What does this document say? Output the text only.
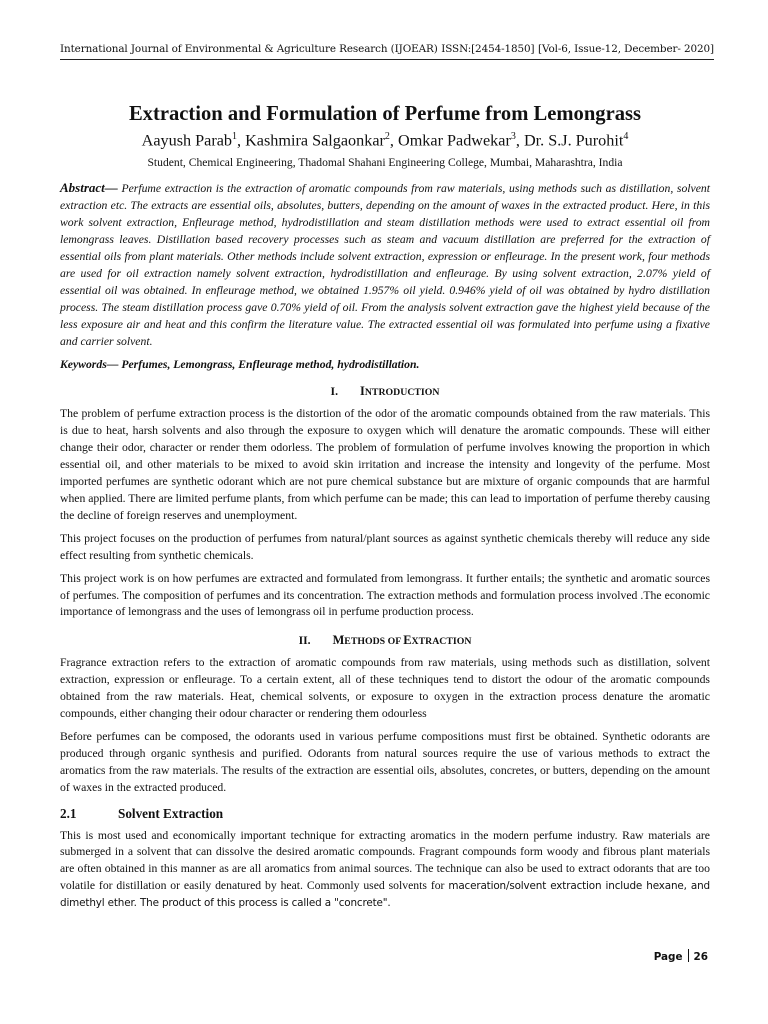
International Journal of Environmental & Agriculture Research (IJOEAR) ISSN:[2454-1850] [Vol-6, Issue-12, December- 2020]
Extraction and Formulation of Perfume from Lemongrass
Aayush Parab$^1$, Kashmira Salgaonkar$^2$, Omkar Padwekar$^3$, Dr. S.J. Purohit$^4$
Student, Chemical Engineering, Thadomal Shahani Engineering College, Mumbai, Maharashtra, India
Abstract— Perfume extraction is the extraction of aromatic compounds from raw materials, using methods such as distillation, solvent extraction etc. The extracts are essential oils, absolutes, butters, depending on the amount of waxes in the extracted product. Here, in this work solvent extraction, Enfleurage method, hydrodistillation and steam distillation methods were used to extract essential oil from lemongrass leaves. Distillation based recovery processes such as steam and vacuum distillation are preferred for the extraction of essential oils from plant materials. Other methods include solvent extraction, expression or enfleurage. In the present work, four methods are used for oil extraction namely solvent extraction, hydrodistillation and enfleurage. By using solvent extraction, 2.07% yield of essential oil was obtained. In enfleurage method, we obtained 1.957% oil yield. 0.946% yield of oil was obtained by hydro distillation process. The steam distillation process gave 0.70% yield of oil. From the analysis solvent extraction gave the highest yield because of the less exposure air and heat and this confirm the literature value. The extracted essential oil was formulated into perfume using a fixative and carrier solvent.
Keywords— Perfumes, Lemongrass, Enfleurage method, hydrodistillation.
I. INTRODUCTION

The problem of perfume extraction process is the distortion of the odor of the aromatic compounds obtained from the raw materials. This is due to heat, harsh solvents and also through the exposure to oxygen which will denature the aromatic compounds. These will either change their odor, character or render them odorless. The problem of formulation of perfume involves knowing the proportion in which essential oil, and other materials to be mixed to avoid skin irritation and increase the intensity and longevity of the perfume. Most imported perfumes are synthetic odorant which are not pure chemical substance but are mixture of organic compounds that are harmful when applied. There are limited perfume plants, from which perfume can be made; this can lead to importation of perfume thereby causing the decline of foreign reserves and unemployment.

This project focuses on the production of perfumes from natural/plant sources as against synthetic chemicals thereby will reduce any side effect resulting from synthetic chemicals.

This project work is on how perfumes are extracted and formulated from lemongrass. It further entails; the synthetic and aromatic sources of perfumes. The composition of perfumes and its concentration. The extraction methods and formulation process involved .The economic importance of lemongrass and the uses of lemongrass oil in perfume production process.

II. METHODS OF EXTRACTION

Fragrance extraction refers to the extraction of aromatic compounds from raw materials, using methods such as distillation, solvent extraction, expression or enfleurage. To a certain extent, all of these techniques tend to distort the odour of the aromatic compounds obtained from the raw materials. Heat, chemical solvents, or exposure to oxygen in the extraction process denature the aromatic compounds, either changing their odour character or rendering them odourless

Before perfumes can be composed, the odorants used in various perfume compositions must first be obtained. Synthetic odorants are produced through organic synthesis and purified. Odorants from natural sources require the use of various methods to extract the aromatics from the raw materials. The results of the extraction are essential oils, absolutes, concretes, or butters, depending on the amount of waxes in the extracted produced.

2.1	Solvent Extraction

This is most used and economically important technique for extracting aromatics in the modern perfume industry. Raw materials are submerged in a solvent that can dissolve the desired aromatic compounds. Fragrant compounds form woody and fibrous plant materials are often obtained in this manner as are all aromatics from animal sources. The technique can also be used to extract odorants that are too volatile for distillation or easily denatured by heat. Commonly used solvents for maceration/solvent extraction include hexane, and dimethyl ether. The product of this process is called a "concrete".

Page 26
